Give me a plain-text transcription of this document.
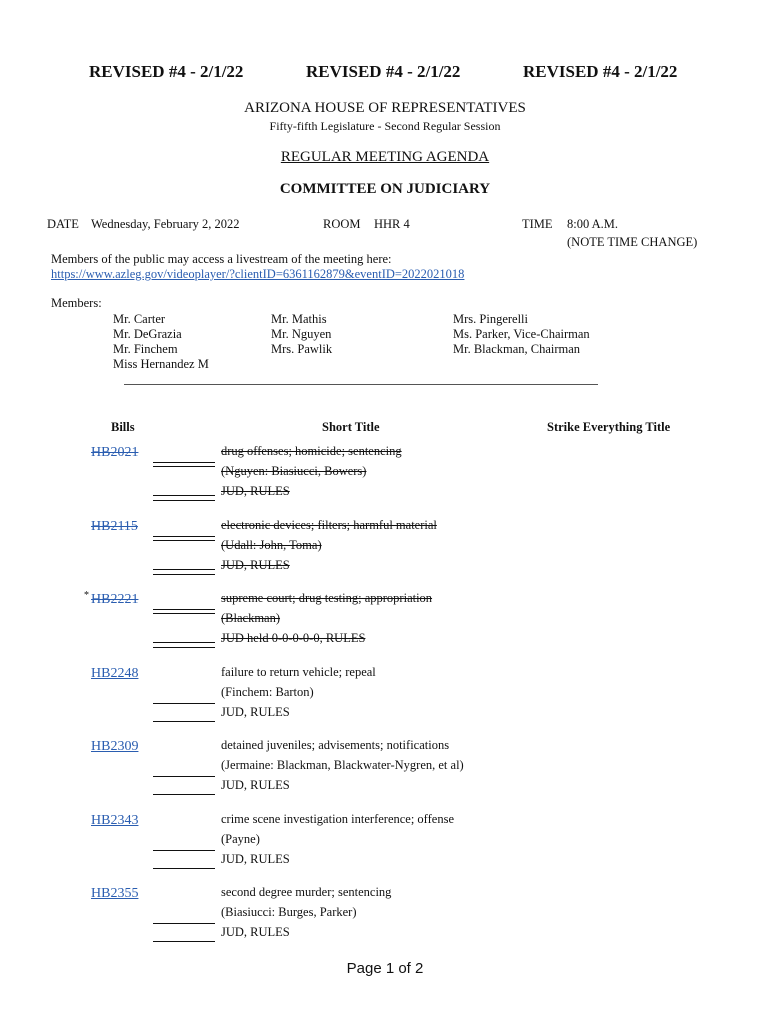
REVISED #4 - 2/1/22	REVISED #4 - 2/1/22	REVISED #4 - 2/1/22
ARIZONA HOUSE OF REPRESENTATIVES
Fifty-fifth Legislature - Second Regular Session
REGULAR MEETING AGENDA
COMMITTEE ON JUDICIARY
DATE Wednesday, February 2, 2022	ROOM HHR 4	TIME 8:00 A.M.
(NOTE TIME CHANGE)
Members of the public may access a livestream of the meeting here:
https://www.azleg.gov/videoplayer/?clientID=6361162879&eventID=2022021018
Members:
Mr. Carter
Mr. DeGrazia
Mr. Finchem
Miss Hernandez M
Mr. Mathis
Mr. Nguyen
Mrs. Pawlik
Mrs. Pingerelli
Ms. Parker, Vice-Chairman
Mr. Blackman, Chairman
Bills	Short Title	Strike Everything Title
HB2021	drug offenses; homicide; sentencing
(Nguyen: Biasiucci, Bowers)
JUD, RULES
HB2115	electronic devices; filters; harmful material
(Udall: John, Toma)
JUD, RULES
* HB2221	supreme court; drug testing; appropriation
(Blackman)
JUD held 0-0-0-0-0, RULES
HB2248	failure to return vehicle; repeal
(Finchem: Barton)
JUD, RULES
HB2309	detained juveniles; advisements; notifications
(Jermaine: Blackman, Blackwater-Nygren, et al)
JUD, RULES
HB2343	crime scene investigation interference; offense
(Payne)
JUD, RULES
HB2355	second degree murder; sentencing
(Biasiucci: Burges, Parker)
JUD, RULES
Page 1 of 2
